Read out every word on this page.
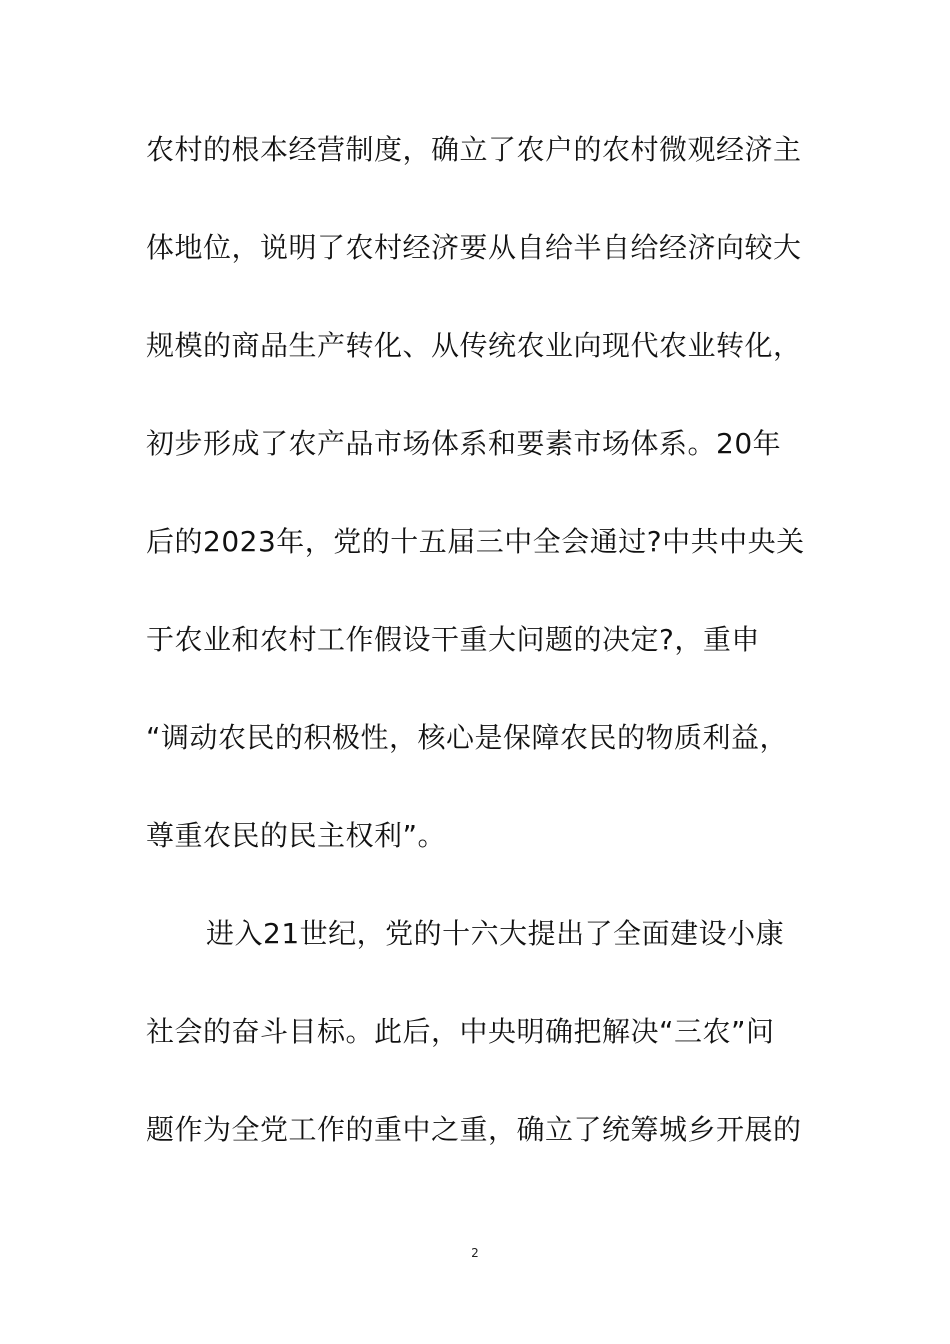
农村的根本经营制度，确立了农户的农村微观经济主
体地位，说明了农村经济要从自给半自给经济向较大
规模的商品生产转化、从传统农业向现代农业转化，
初步形成了农产品市场体系和要素市场体系。20年
后的2023年，党的十五届三中全会通过?中共中央关
于农业和农村工作假设干重大问题的决定?，重申
“调动农民的积极性，核心是保障农民的物质利益，
尊重农民的民主权利”。
进入21世纪，党的十六大提出了全面建设小康
社会的奋斗目标。此后，中央明确把解决“三农”问
题作为全党工作的重中之重，确立了统筹城乡开展的
2
